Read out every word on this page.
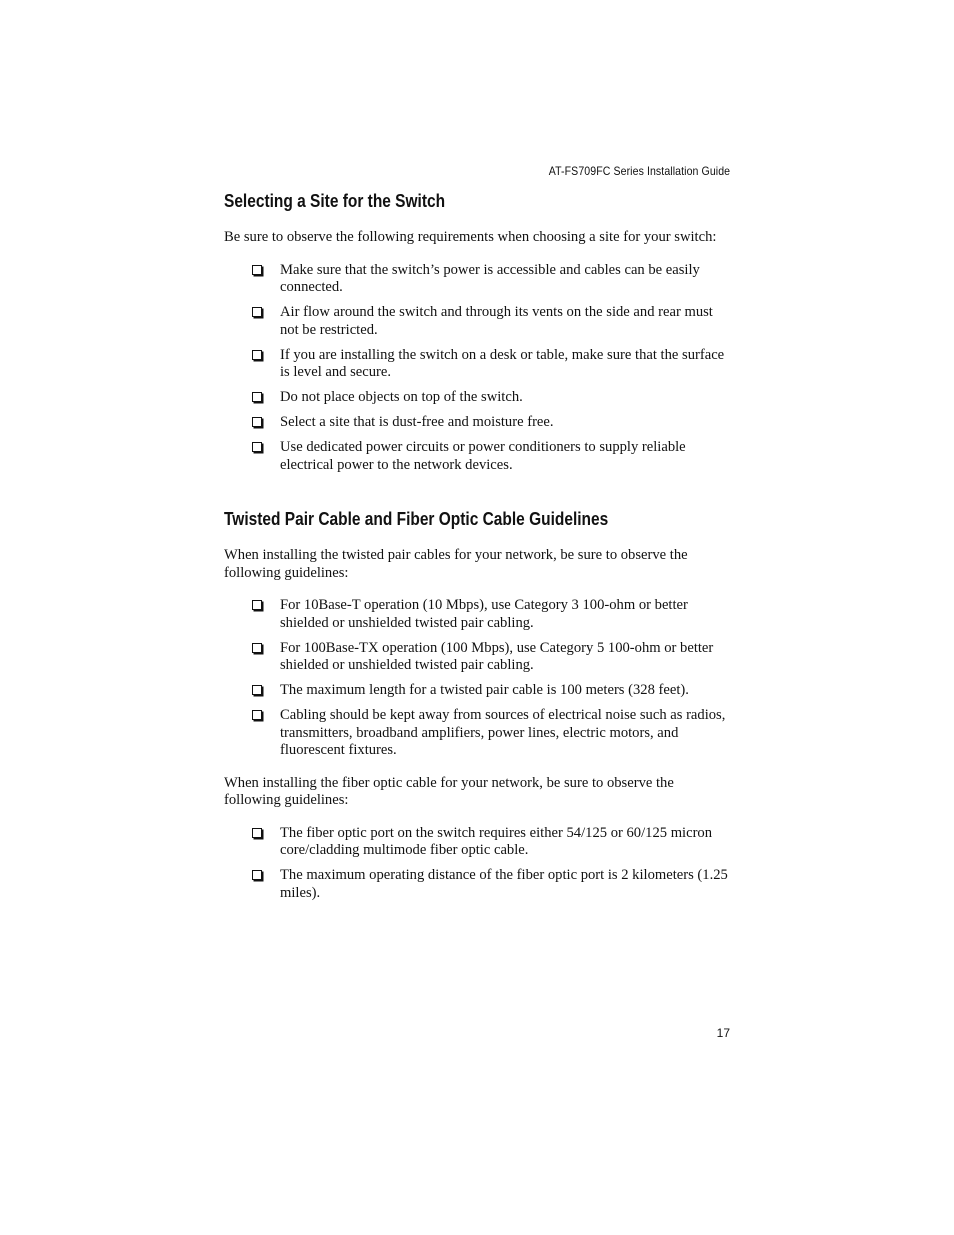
AT-FS709FC Series Installation Guide
Selecting a Site for the Switch

Be sure to observe the following requirements when choosing a site for your switch:

Make sure that the switch’s power is accessible and cables can be easily connected.
Air flow around the switch and through its vents on the side and rear must not be restricted.
If you are installing the switch on a desk or table, make sure that the surface is level and secure.
Do not place objects on top of the switch.
Select a site that is dust-free and moisture free.
Use dedicated power circuits or power conditioners to supply reliable electrical power to the network devices.
Twisted Pair Cable and Fiber Optic Cable Guidelines

When installing the twisted pair cables for your network, be sure to observe the following guidelines:

For 10Base-T operation (10 Mbps), use Category 3 100-ohm or better shielded or unshielded twisted pair cabling.
For 100Base-TX operation (100 Mbps), use Category 5 100-ohm or better shielded or unshielded twisted pair cabling.
The maximum length for a twisted pair cable is 100 meters (328 feet).
Cabling should be kept away from sources of electrical noise such as radios, transmitters, broadband amplifiers, power lines, electric motors, and fluorescent fixtures.

When installing the fiber optic cable for your network, be sure to observe the following guidelines:

The fiber optic port on the switch requires either 54/125 or 60/125 micron core/cladding multimode fiber optic cable.
The maximum operating distance of the fiber optic port is 2 kilometers (1.25 miles).
17
